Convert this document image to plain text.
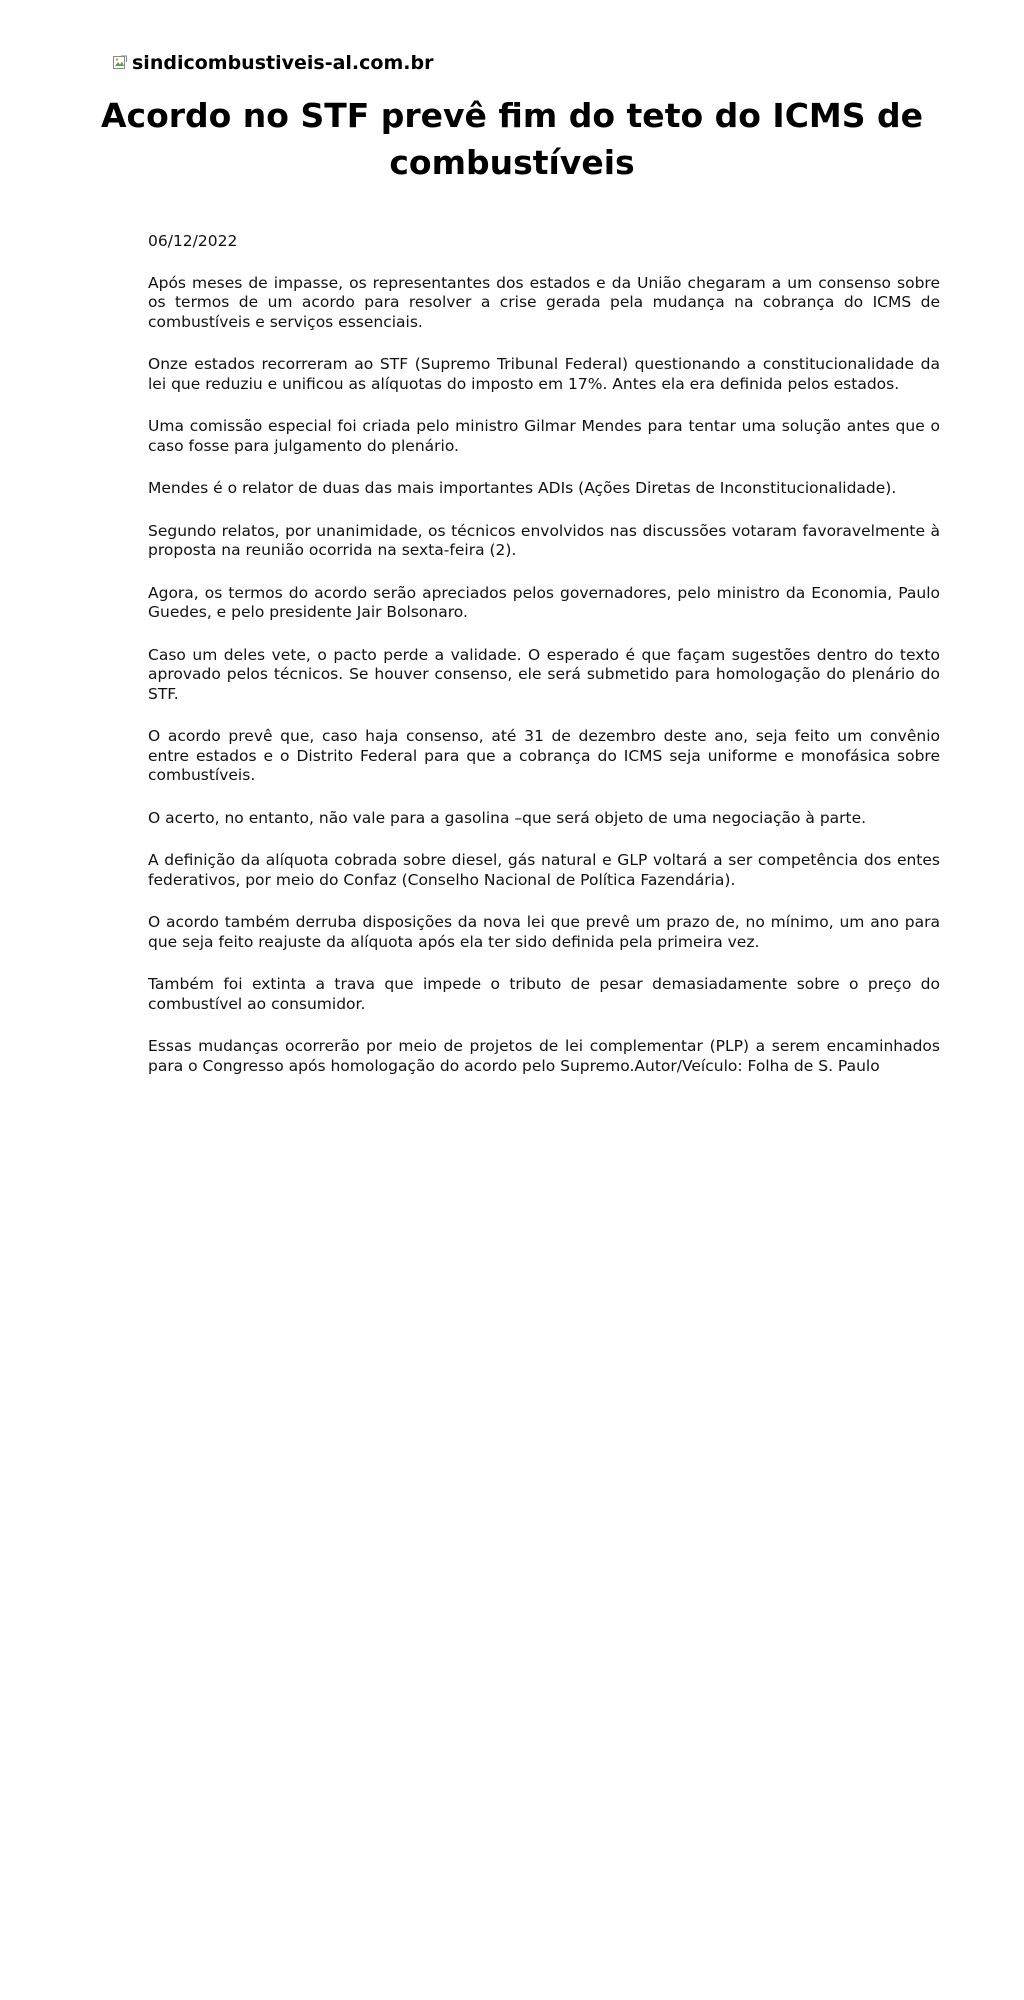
sindicombustiveis-al.com.br
Acordo no STF prevê fim do teto do ICMS de combustíveis

06/12/2022

Após meses de impasse, os representantes dos estados e da União chegaram a um consenso sobre os termos de um acordo para resolver a crise gerada pela mudança na cobrança do ICMS de combustíveis e serviços essenciais.

Onze estados recorreram ao STF (Supremo Tribunal Federal) questionando a constitucionalidade da lei que reduziu e unificou as alíquotas do imposto em 17%. Antes ela era definida pelos estados.

Uma comissão especial foi criada pelo ministro Gilmar Mendes para tentar uma solução antes que o caso fosse para julgamento do plenário.

Mendes é o relator de duas das mais importantes ADIs (Ações Diretas de Inconstitucionalidade).

Segundo relatos, por unanimidade, os técnicos envolvidos nas discussões votaram favoravelmente à proposta na reunião ocorrida na sexta-feira (2).

Agora, os termos do acordo serão apreciados pelos governadores, pelo ministro da Economia, Paulo Guedes, e pelo presidente Jair Bolsonaro.

Caso um deles vete, o pacto perde a validade. O esperado é que façam sugestões dentro do texto aprovado pelos técnicos. Se houver consenso, ele será submetido para homologação do plenário do STF.

O acordo prevê que, caso haja consenso, até 31 de dezembro deste ano, seja feito um convênio entre estados e o Distrito Federal para que a cobrança do ICMS seja uniforme e monofásica sobre combustíveis.

O acerto, no entanto, não vale para a gasolina –que será objeto de uma negociação à parte.

A definição da alíquota cobrada sobre diesel, gás natural e GLP voltará a ser competência dos entes federativos, por meio do Confaz (Conselho Nacional de Política Fazendária).

O acordo também derruba disposições da nova lei que prevê um prazo de, no mínimo, um ano para que seja feito reajuste da alíquota após ela ter sido definida pela primeira vez.

Também foi extinta a trava que impede o tributo de pesar demasiadamente sobre o preço do combustível ao consumidor.

Essas mudanças ocorrerão por meio de projetos de lei complementar (PLP) a serem encaminhados para o Congresso após homologação do acordo pelo Supremo.Autor/Veículo: Folha de S. Paulo
